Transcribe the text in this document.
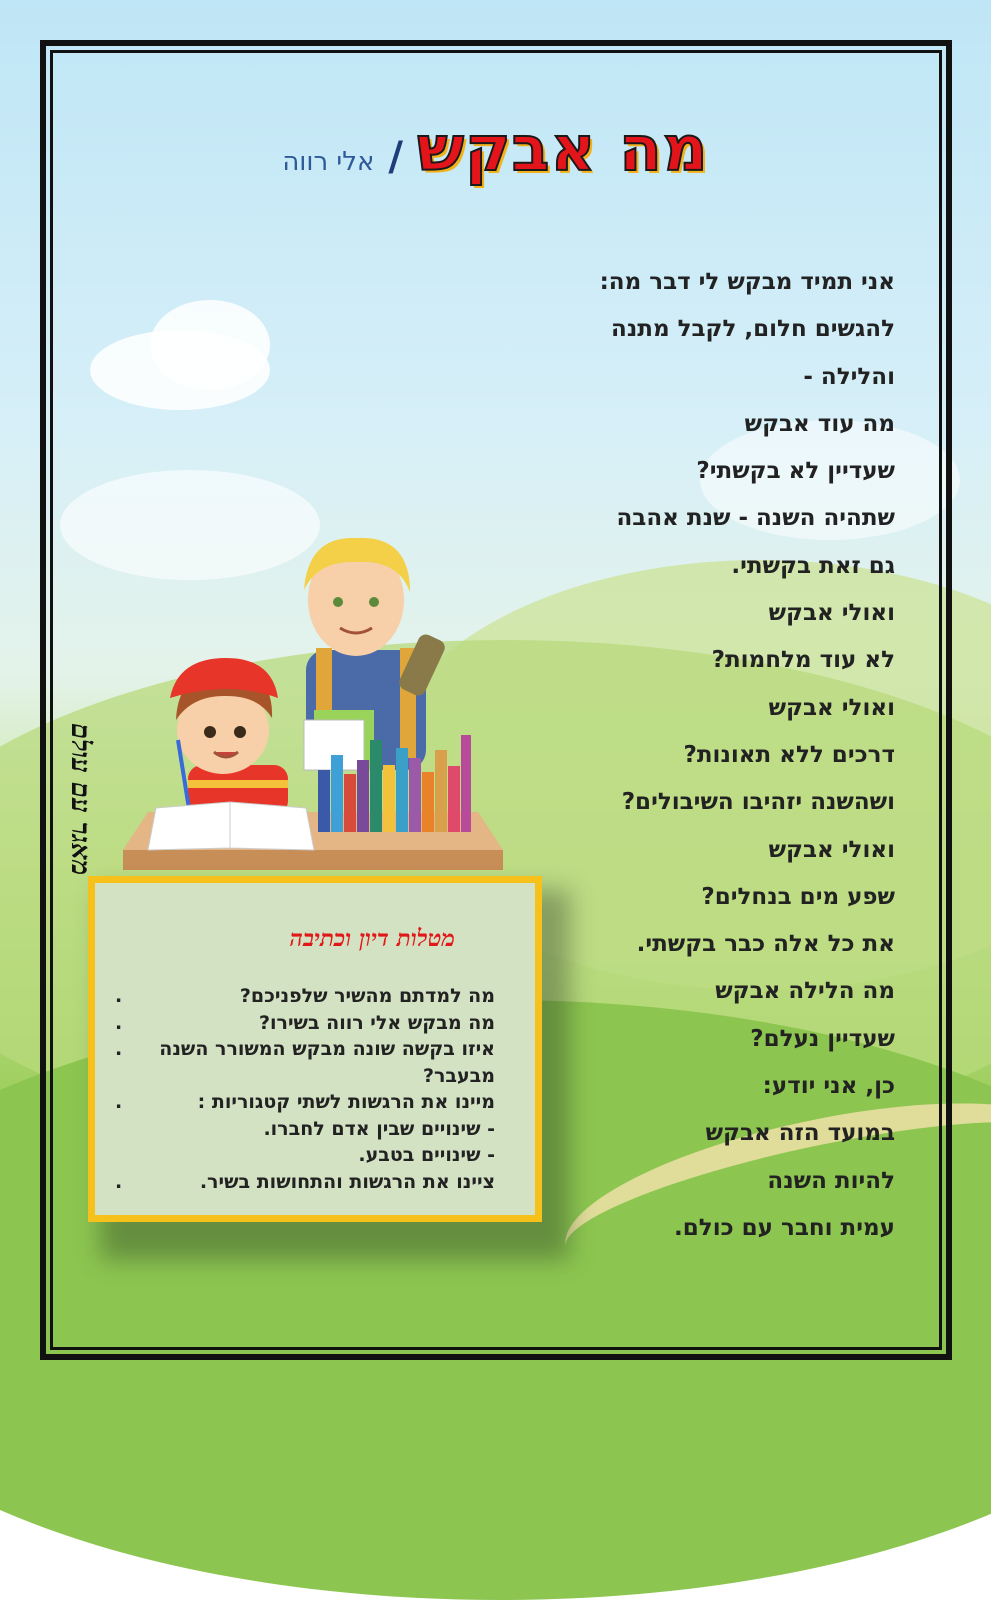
מה אבקש/אלי רווה
אני תמיד מבקש לי דבר מה:
להגשים חלום, לקבל מתנה
והלילה -
מה עוד אבקש
שעדיין לא בקשתי?
שתהיה השנה - שנת אהבה
גם זאת בקשתי.
ואולי אבקש
לא עוד מלחמות?
ואולי אבקש
דרכים ללא תאונות?
ושהשנה יזהיבו השיבולים?
ואולי אבקש
שפע מים בנחלים?
את כל אלה כבר בקשתי.
מה הלילה אבקש
שעדיין נעלם?
כן, אני יודע:
במועד הזה אבקש
להיות השנה
עמית וחבר עם כולם.
מאגר עם עולם
מטלות דיון וכתיבה
מה למדתם מהשיר שלפניכם?
.
מה מבקש אלי רווה בשירו?
.
איזו בקשה שונה מבקש המשורר השנה מבעבר?
.
מיינו את הרגשות לשתי קטגוריות :
.
- שינויים שבין אדם לחברו.
- שינויים בטבע.
ציינו את הרגשות והתחושות בשיר.
.
